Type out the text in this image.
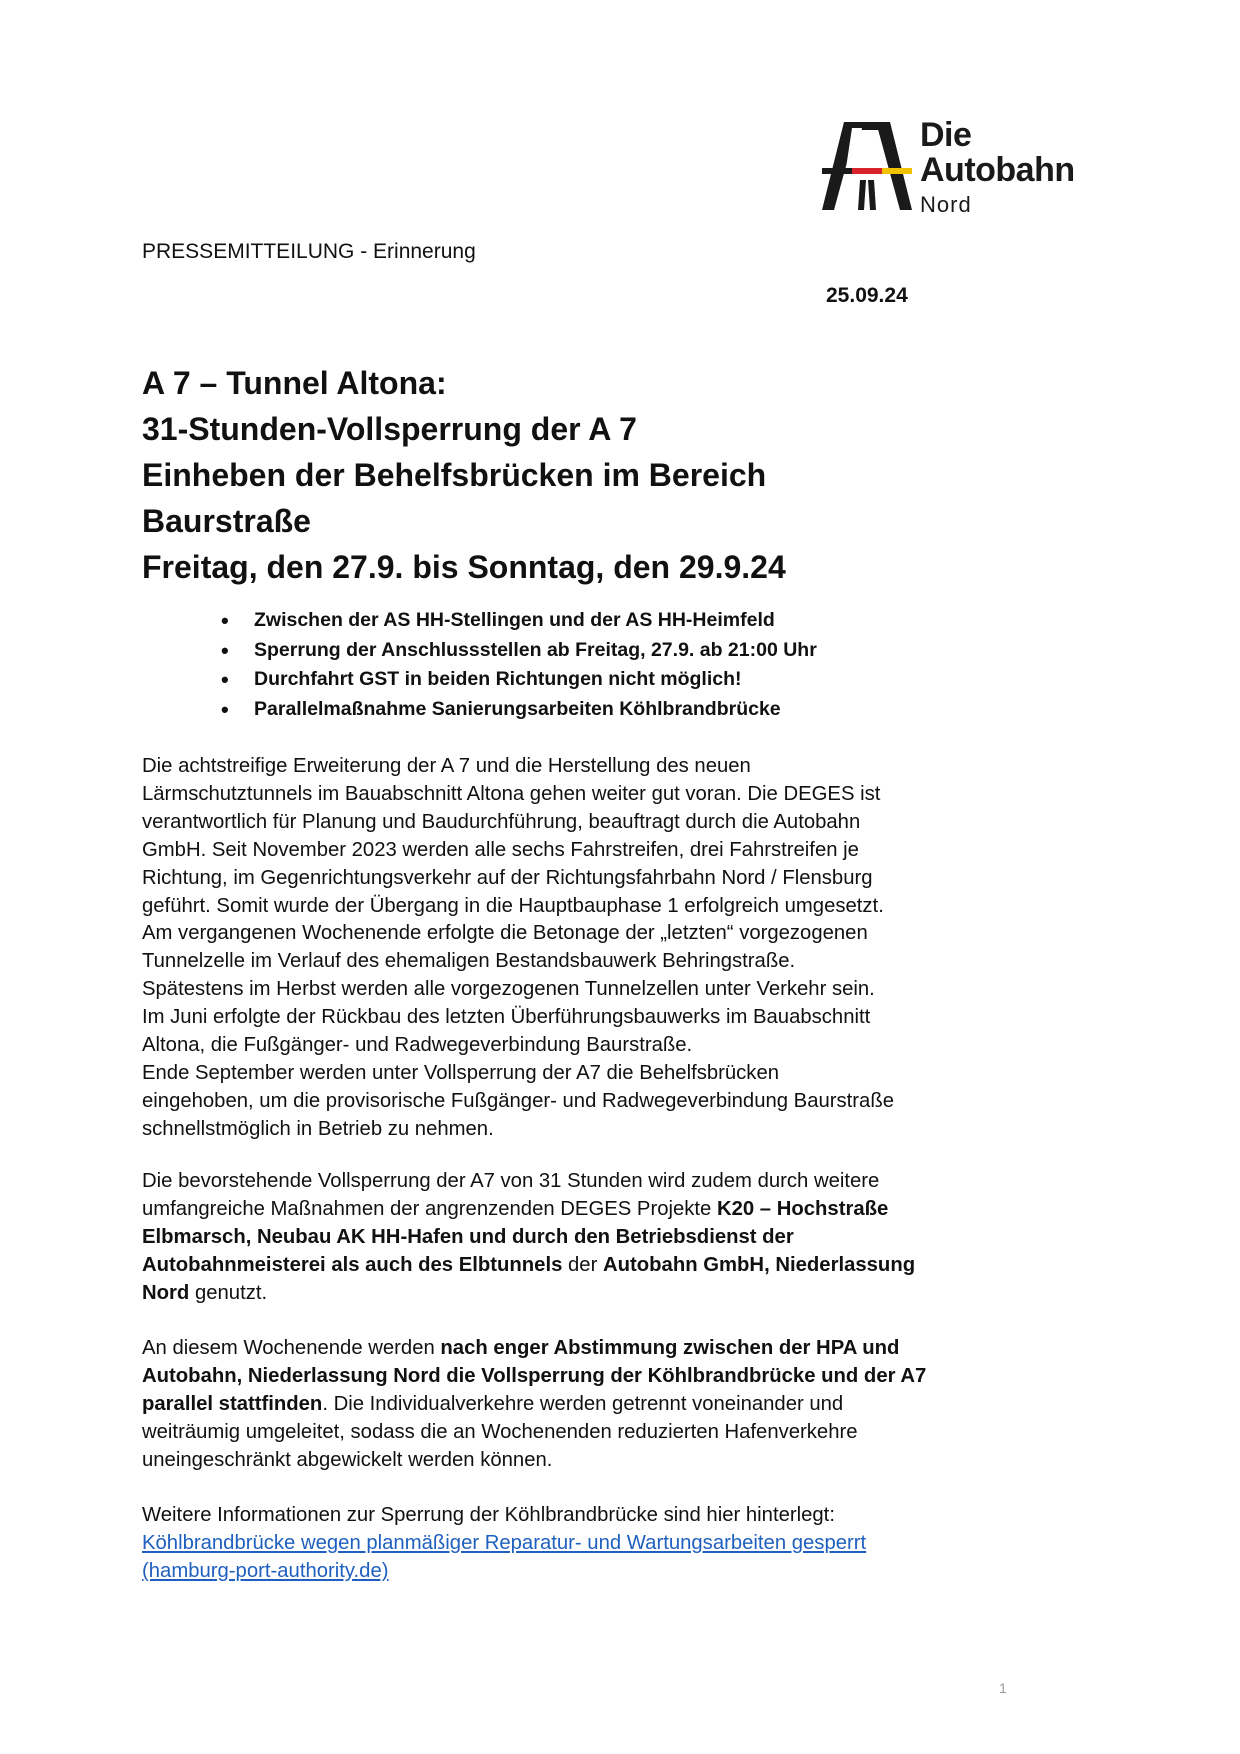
Die
Autobahn
Nord
PRESSEMITTEILUNG - Erinnerung
25.09.24
A 7 – Tunnel Altona:
31-Stunden-Vollsperrung der A 7
Einheben der Behelfsbrücken im Bereich
Baurstraße
Freitag, den 27.9. bis Sonntag, den 29.9.24
• Zwischen der AS HH-Stellingen und der AS HH-Heimfeld
• Sperrung der Anschlussstellen ab Freitag, 27.9. ab 21:00 Uhr
• Durchfahrt GST in beiden Richtungen nicht möglich!
• Parallelmaßnahme Sanierungsarbeiten Köhlbrandbrücke
Die achtstreifige Erweiterung der A 7 und die Herstellung des neuen
Lärmschutztunnels im Bauabschnitt Altona gehen weiter gut voran. Die DEGES ist
verantwortlich für Planung und Baudurchführung, beauftragt durch die Autobahn
GmbH. Seit November 2023 werden alle sechs Fahrstreifen, drei Fahrstreifen je
Richtung, im Gegenrichtungsverkehr auf der Richtungsfahrbahn Nord / Flensburg
geführt. Somit wurde der Übergang in die Hauptbauphase 1 erfolgreich umgesetzt.
Am vergangenen Wochenende erfolgte die Betonage der „letzten“ vorgezogenen
Tunnelzelle im Verlauf des ehemaligen Bestandsbauwerk Behringstraße.
Spätestens im Herbst werden alle vorgezogenen Tunnelzellen unter Verkehr sein.
Im Juni erfolgte der Rückbau des letzten Überführungsbauwerks im Bauabschnitt
Altona, die Fußgänger- und Radwegeverbindung Baurstraße.
Ende September werden unter Vollsperrung der A7 die Behelfsbrücken
eingehoben, um die provisorische Fußgänger- und Radwegeverbindung Baurstraße
schnellstmöglich in Betrieb zu nehmen.
Die bevorstehende Vollsperrung der A7 von 31 Stunden wird zudem durch weitere
umfangreiche Maßnahmen der angrenzenden DEGES Projekte K20 – Hochstraße
Elbmarsch, Neubau AK HH-Hafen und durch den Betriebsdienst der
Autobahnmeisterei als auch des Elbtunnels der Autobahn GmbH, Niederlassung
Nord genutzt.
An diesem Wochenende werden nach enger Abstimmung zwischen der HPA und
Autobahn, Niederlassung Nord die Vollsperrung der Köhlbrandbrücke und der A7
parallel stattfinden. Die Individualverkehre werden getrennt voneinander und
weiträumig umgeleitet, sodass die an Wochenenden reduzierten Hafenverkehre
uneingeschränkt abgewickelt werden können.
Weitere Informationen zur Sperrung der Köhlbrandbrücke sind hier hinterlegt:
Köhlbrandbrücke wegen planmäßiger Reparatur- und Wartungsarbeiten gesperrt
(hamburg-port-authority.de)
1
